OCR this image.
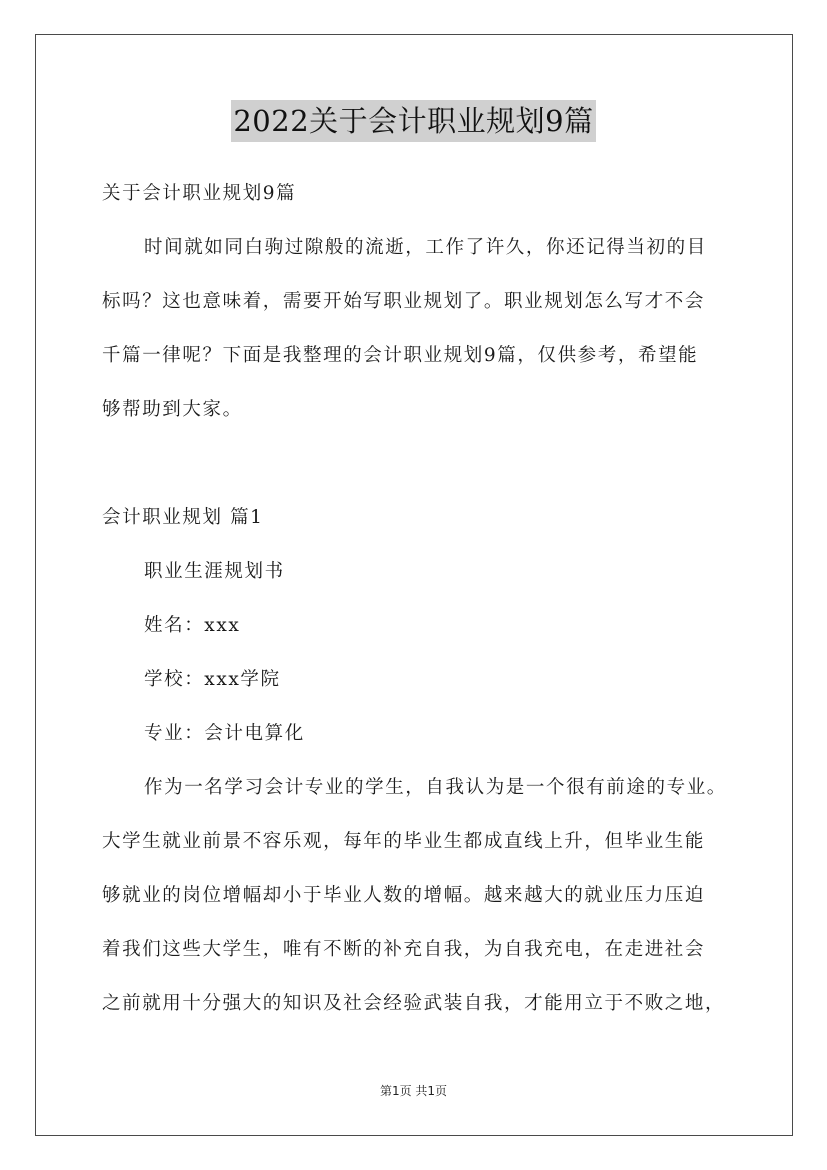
2022关于会计职业规划9篇
关于会计职业规划9篇
时间就如同白驹过隙般的流逝，工作了许久，你还记得当初的目
标吗？这也意味着，需要开始写职业规划了。职业规划怎么写才不会
千篇一律呢？下面是我整理的会计职业规划9篇，仅供参考，希望能
够帮助到大家。
会计职业规划 篇1
职业生涯规划书
姓名：xxx
学校：xxx学院
专业：会计电算化
作为一名学习会计专业的学生，自我认为是一个很有前途的专业。
大学生就业前景不容乐观，每年的毕业生都成直线上升，但毕业生能
够就业的岗位增幅却小于毕业人数的增幅。越来越大的就业压力压迫
着我们这些大学生，唯有不断的补充自我，为自我充电，在走进社会
之前就用十分强大的知识及社会经验武装自我，才能用立于不败之地，
第1页 共1页
